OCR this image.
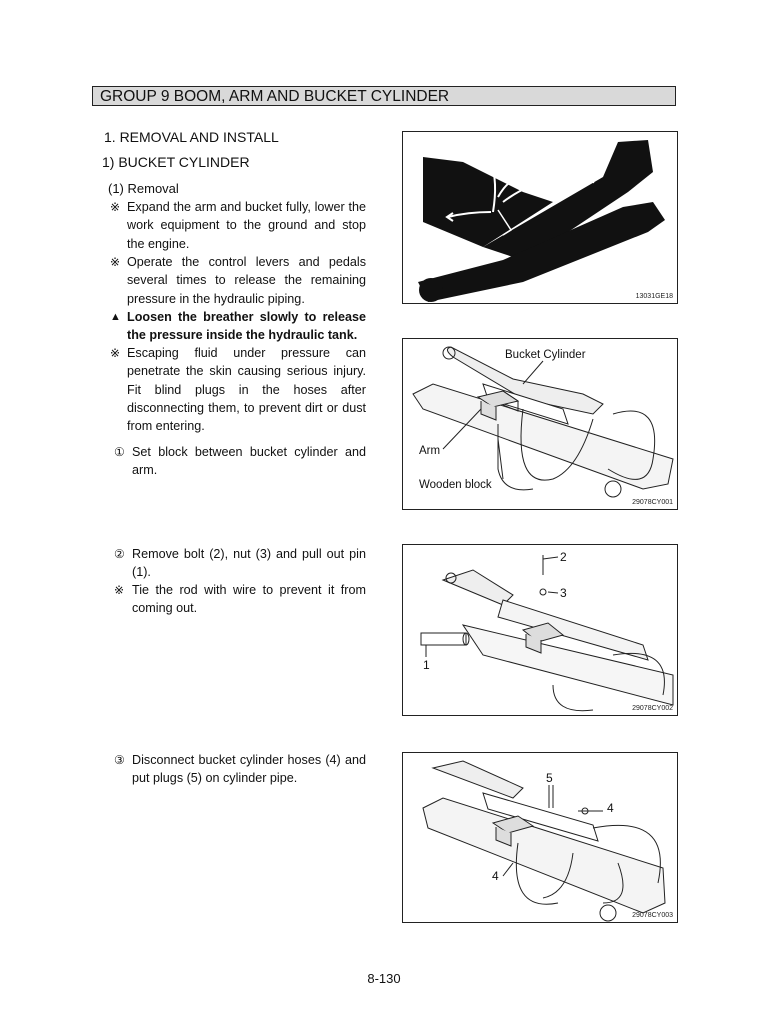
GROUP 9 BOOM, ARM AND BUCKET CYLINDER
1. REMOVAL AND INSTALL
1) BUCKET CYLINDER
(1) Removal
※ Expand the arm and bucket fully, lower the work equipment to the ground and stop the engine.
※ Operate the control levers and pedals several times to release the remaining pressure in the hydraulic piping.
▲ Loosen the breather slowly to release the pressure inside the hydraulic tank.
※ Escaping fluid under pressure can penetrate the skin causing serious injury. Fit blind plugs in the hoses after disconnecting them, to prevent dirt or dust from entering.
① Set block between bucket cylinder and arm.
② Remove bolt (2), nut (3) and pull out pin (1).
※ Tie the rod with wire to prevent it from coming out.
③ Disconnect bucket cylinder hoses (4) and put plugs (5) on cylinder pipe.
13031GE18
Bucket Cylinder
Arm
Wooden block
29078CY001
2
3
1
29078CY002
5
4
4
29078CY003
8-130
